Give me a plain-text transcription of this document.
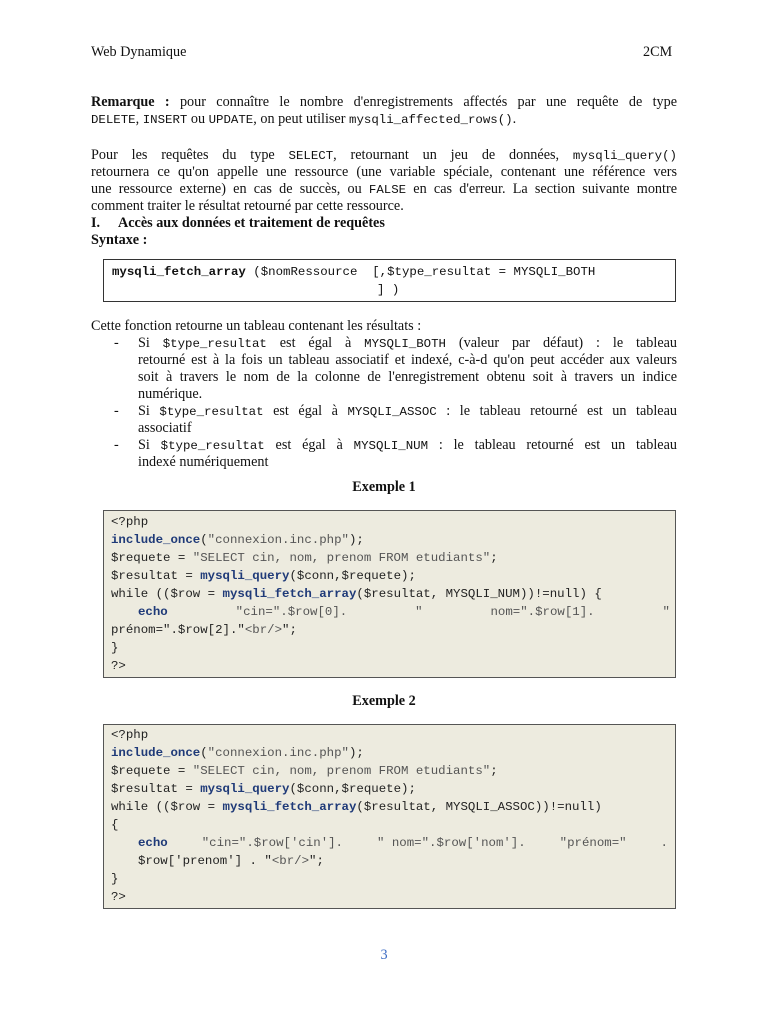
Web Dynamique	2CM
Remarque : pour connaître le nombre d'enregistrements affectés par une requête de type
DELETE, INSERT ou UPDATE, on peut utiliser mysqli_affected_rows().
Pour les requêtes du type SELECT, retournant un jeu de données, mysqli_query()
retournera ce qu'on appelle une ressource (une variable spéciale, contenant une référence vers
une ressource externe) en cas de succès, ou FALSE en cas d'erreur. La section suivante montre
comment traiter le résultat retourné par cette ressource.
I. Accès aux données et traitement de requêtes
Syntaxe :
mysqli_fetch_array ($nomRessource  [,$type_resultat = MYSQLI_BOTH
] )
Cette fonction retourne un tableau contenant les résultats :
- Si $type_resultat est égal à MYSQLI_BOTH (valeur par défaut) : le tableau
retourné est à la fois un tableau associatif et indexé, c-à-d qu'on peut accéder aux valeurs
soit à travers le nom de la colonne de l'enregistrement obtenu soit à travers un indice
numérique.
- Si $type_resultat est égal à MYSQLI_ASSOC : le tableau retourné est un tableau
associatif
- Si $type_resultat est égal à MYSQLI_NUM : le tableau retourné est un tableau
indexé numériquement
Exemple 1
<?php
include_once("connexion.inc.php");
$requete = "SELECT cin, nom, prenom FROM etudiants";
$resultat = mysqli_query($conn,$requete);
while (($row = mysqli_fetch_array($resultat, MYSQLI_NUM))!=null) {
echo	"cin=".$row[0].	"	nom=".$row[1].	"
prénom=".$row[2]."<br/>";
}
?>
Exemple 2
<?php
include_once("connexion.inc.php");
$requete = "SELECT cin, nom, prenom FROM etudiants";
$resultat = mysqli_query($conn,$requete);
while (($row = mysqli_fetch_array($resultat, MYSQLI_ASSOC))!=null)
{
echo	"cin=".$row['cin'].	" nom=".$row['nom'].	"prénom="	.
$row['prenom'] . "<br/>";
}
?>
3
